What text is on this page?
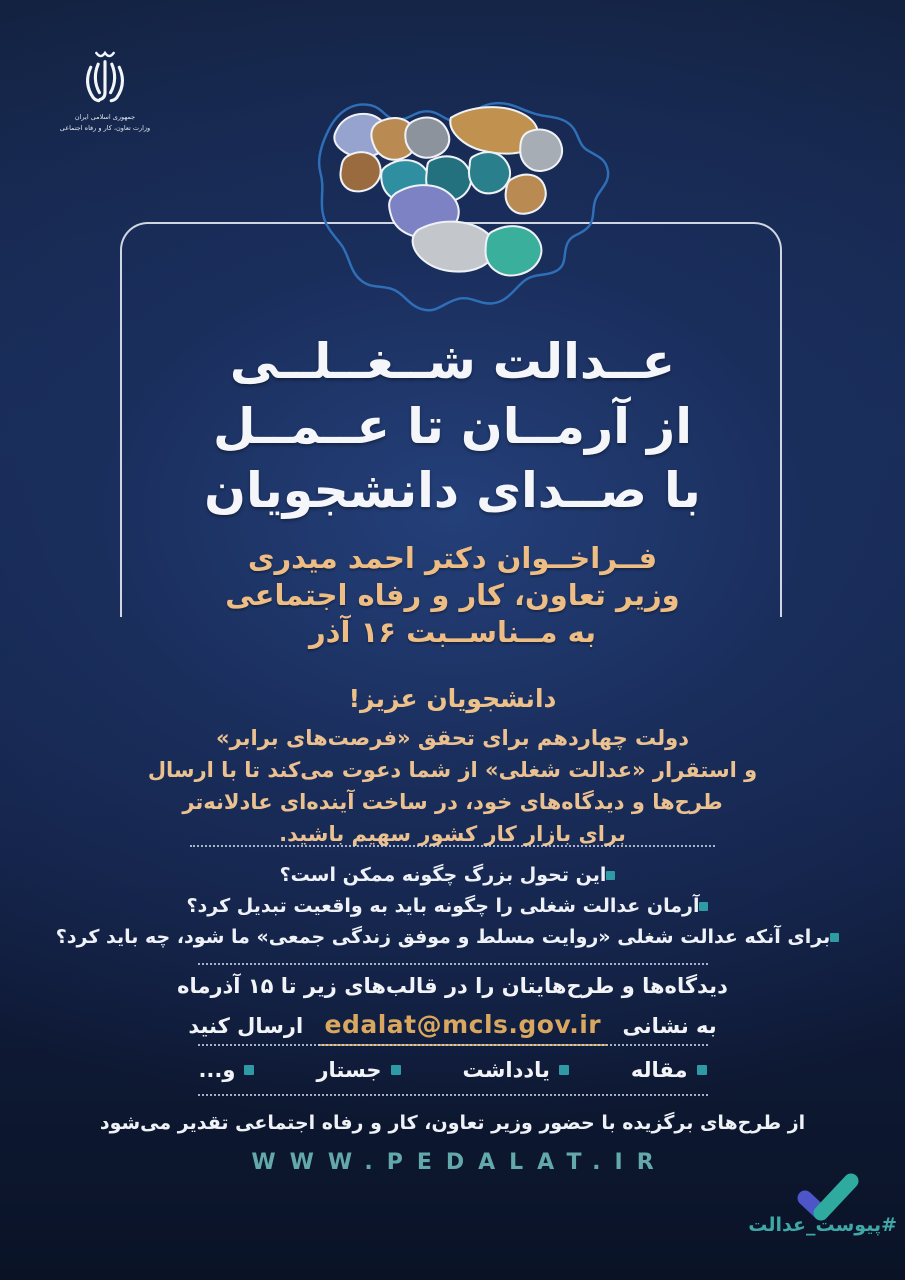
جمهوری اسلامی ایران
وزارت تعاون، کار و رفاه اجتماعی
عــدالت شــغــلــی
از آرمــان تا عــمــل
با صــدای دانشجویان
فــراخــوان دکتر احمد میدری
وزیر تعاون، کار و رفاه اجتماعی
به مــناســبت ۱۶ آذر
دانشجویان عزیز!
دولت چهاردهم برای تحقق «فرصت‌های برابر»
و استقرار «عدالت شغلی» از شما دعوت می‌کند تا با ارسال
طرح‌ها و دیدگاه‌های خود، در ساخت آینده‌ای عادلانه‌تر
برای بازار کار کشور سهیم باشید.
این تحول بزرگ چگونه ممکن است؟
آرمان عدالت شغلی را چگونه باید به واقعیت تبدیل کرد؟
برای آنکه عدالت شغلی «روایت مسلط و موفق زندگی جمعی» ما شود، چه باید کرد؟
دیدگاه‌ها و طرح‌هایتان را در قالب‌های زیر تا ۱۵ آذرماه
به نشانی edalat@mcls.gov.ir ارسال کنید
مقاله
یادداشت
جستار
و...
از طرح‌های برگزیده با حضور وزیر تعاون، کار و رفاه اجتماعی تقدیر می‌شود
WWW.PEDALAT.IR
#پیوست_عدالت
